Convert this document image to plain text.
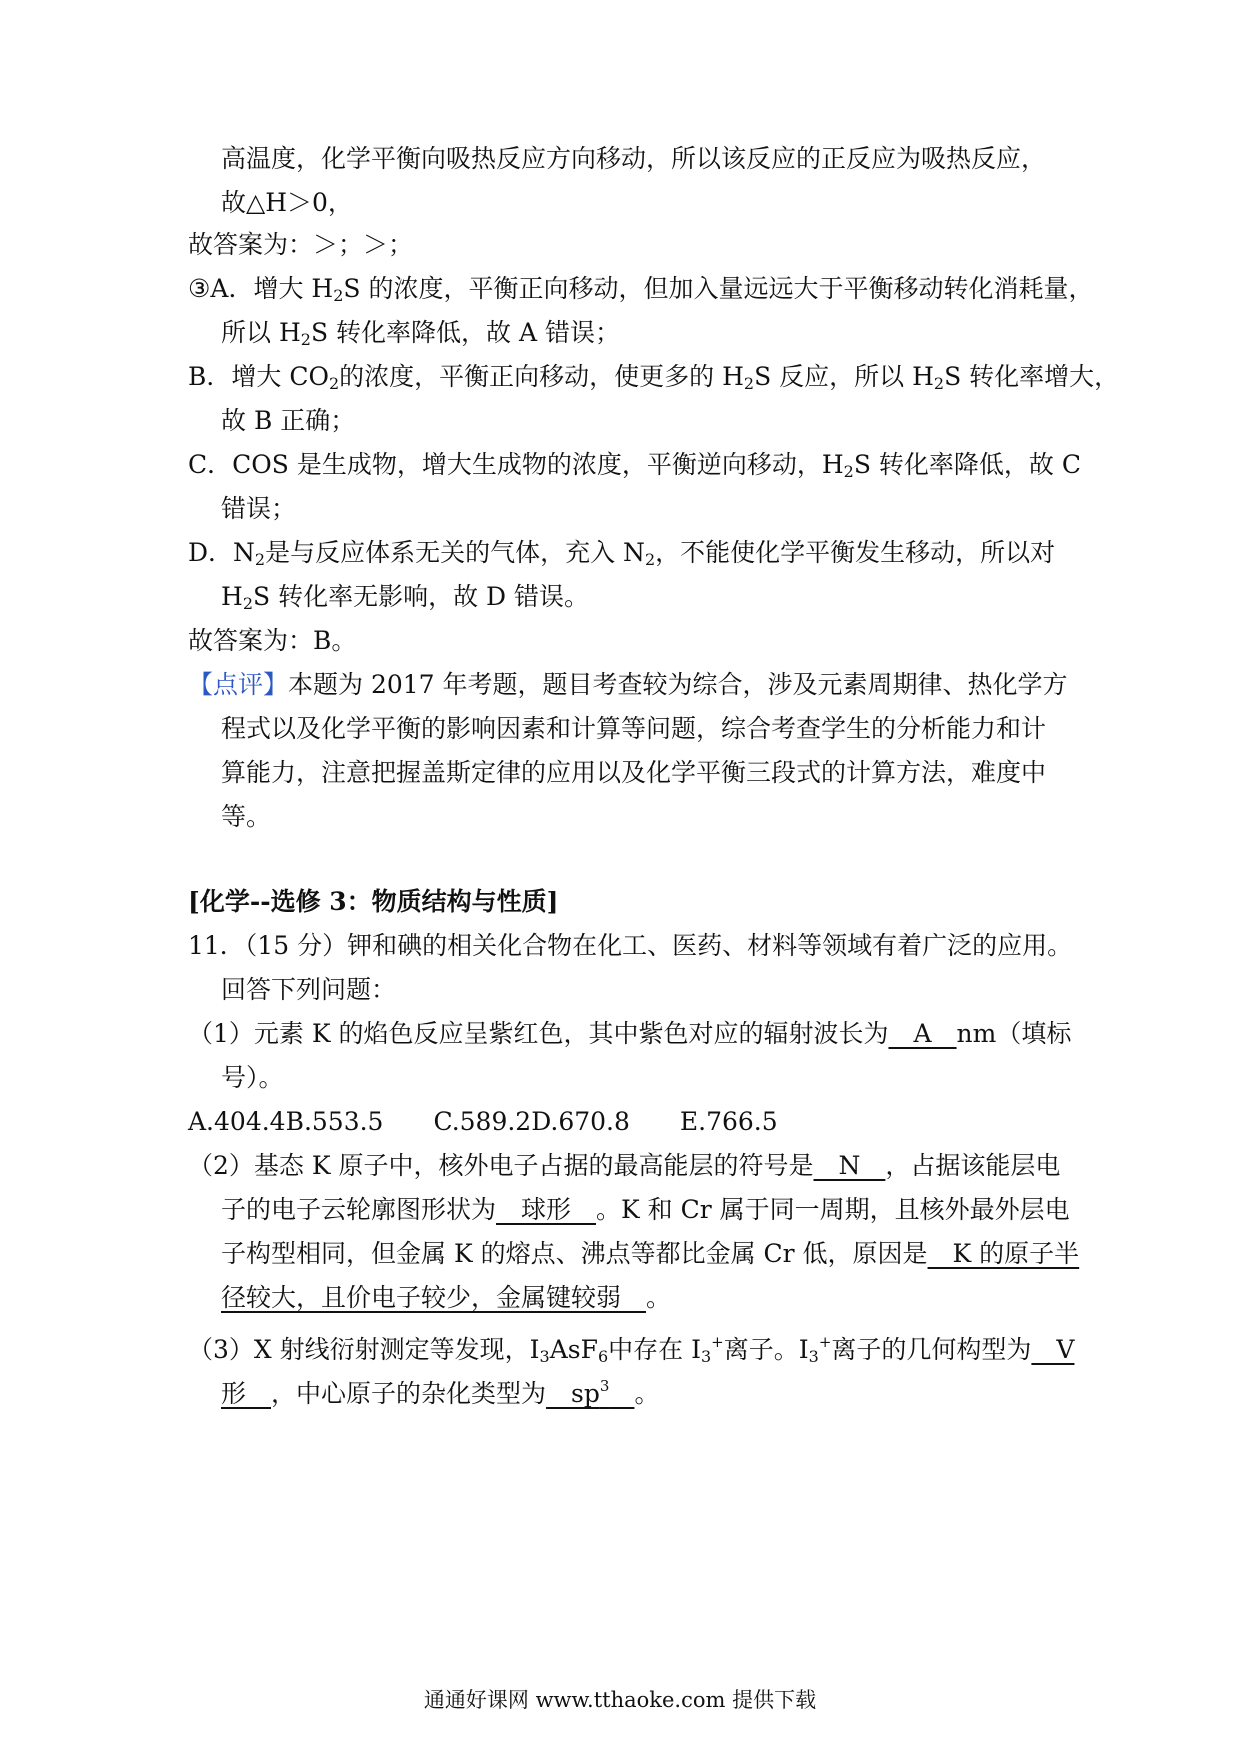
高温度，化学平衡向吸热反应方向移动，所以该反应的正反应为吸热反应，
故△H＞0，
故答案为：＞；＞；
③A．增大 $H_2S$ 的浓度，平衡正向移动，但加入量远远大于平衡移动转化消耗量，
所以 $H_2S$ 转化率降低，故 A 错误；
B．增大 $CO_2$的浓度，平衡正向移动，使更多的 $H_2S$ 反应，所以 $H_2S$ 转化率增大，
故 B 正确；
C．COS 是生成物，增大生成物的浓度，平衡逆向移动，$H_2S$ 转化率降低，故 C
错误；
D．$N_2$是与反应体系无关的气体，充入 $N_2$，不能使化学平衡发生移动，所以对
$H_2S$ 转化率无影响，故 D 错误。
故答案为：B。
【点评】本题为 2017 年考题，题目考查较为综合，涉及元素周期律、热化学方
程式以及化学平衡的影响因素和计算等问题，综合考查学生的分析能力和计
算能力，注意把握盖斯定律的应用以及化学平衡三段式的计算方法，难度中
等。
[化学--选修 3：物质结构与性质]
11．（15 分）钾和碘的相关化合物在化工、医药、材料等领域有着广泛的应用。
回答下列问题：
（1）元素 K 的焰色反应呈紫红色，其中紫色对应的辐射波长为　A　nm（填标
号）。
A.404.4B.553.5　　C.589.2D.670.8　　E.766.5
（2）基态 K 原子中，核外电子占据的最高能层的符号是　N　，占据该能层电
子的电子云轮廓图形状为　球形　。K 和 Cr 属于同一周期，且核外最外层电
子构型相同，但金属 K 的熔点、沸点等都比金属 Cr 低，原因是　K 的原子半
径较大，且价电子较少，金属键较弱　。
（3）X 射线衍射测定等发现，$I_3AsF_6$中存在 $I_3^+$离子。$I_3^+$离子的几何构型为　V
形　，中心原子的杂化类型为　$sp^3$　 。
通通好课网 www.tthaoke.com 提供下载
